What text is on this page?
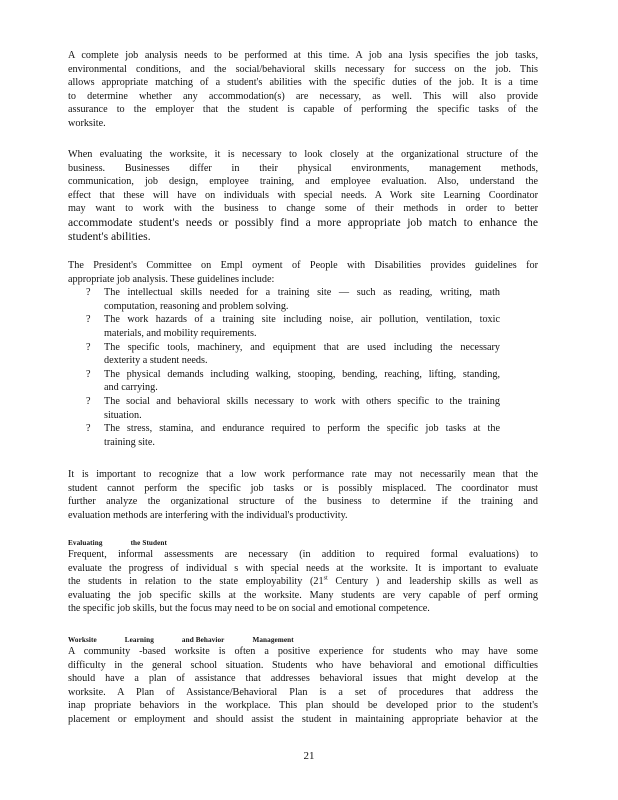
A complete job analysis needs to be performed at this time. A job ana lysis specifies the job tasks,
environmental conditions, and the social/behavioral skills necessary for success on the job. This
allows appropriate matching of a student's abilities with the specific duties of the job. It is a time
to determine whether any accommodation(s) are necessary, as well. This will also provide
assurance to the employer that the student is capable of performing the specific tasks of the
worksite.
When evaluating the worksite, it is necessary to look closely at the organizational structure of the
business. Businesses differ in their physical environments, management methods,
communication, job design, employee training, and employee evaluation. Also, understand the
effect that these will have on individuals with special needs. A Work site Learning Coordinator
may want to work with the business to change some of their methods in order to better
accommodate student's needs or possibly find a more appropriate job match to enhance the
student's abilities.
The President's Committee on Empl oyment of People with Disabilities provides guidelines for
appropriate job analysis. These guidelines include:
? The intellectual skills needed for a training site — such as reading, writing, math
computation, reasoning and problem solving.
? The work hazards of a training site including noise, air pollution, ventilation, toxic
materials, and mobility requirements.
? The specific tools, machinery, and equipment that are used including the necessary
dexterity a student needs.
? The physical demands including walking, stooping, bending, reaching, lifting, standing,
and carrying.
? The social and behavioral skills necessary to work with others specific to the training
situation.
? The stress, stamina, and endurance required to perform the specific job tasks at the
training site.
It is important to recognize that a low work performance rate may not necessarily mean that the
student cannot perform the specific job tasks or is possibly misplaced. The coordinator must
further analyze the organizational structure of the business to determine if the training and
evaluation methods are interfering with the individual's productivity.
Evaluating	the Student
Frequent, informal assessments are necessary (in addition to required formal evaluations) to
evaluate the progress of individual s with special needs at the worksite. It is important to evaluate
the students in relation to the state employability (21st Century ) and leadership skills as well as
evaluating the job specific skills at the worksite. Many students are very capable of perf orming
the specific job skills, but the focus may need to be on social and emotional competence.
Worksite	Learning	and Behavior	Management
A community -based worksite is often a positive experience for students who may have some
difficulty in the general school situation. Students who have behavioral and emotional difficulties
should have a plan of assistance that addresses behavioral issues that might develop at the
worksite. A Plan of Assistance/Behavioral Plan is a set of procedures that address the
inap propriate behaviors in the workplace. This plan should be developed prior to the student's
placement or employment and should assist the student in maintaining appropriate behavior at the
21
